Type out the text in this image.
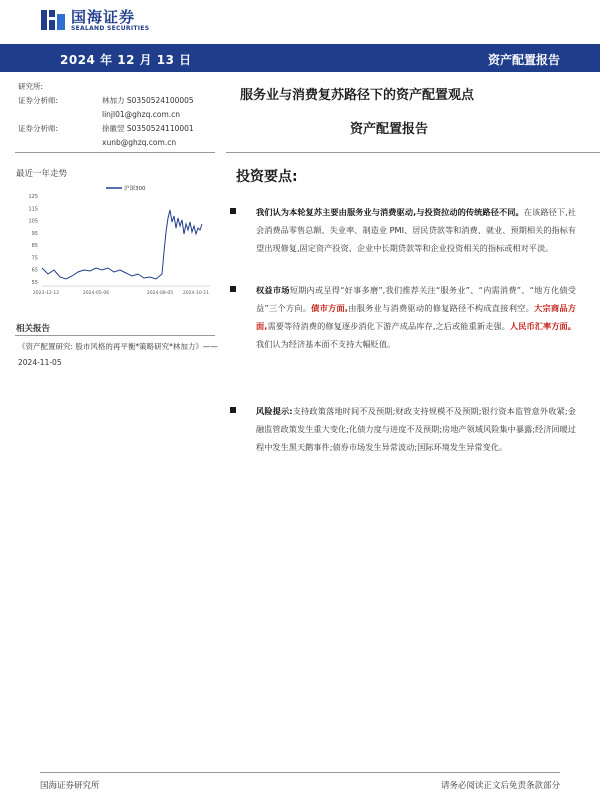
国海证券
SEALAND SECURITIES
2024 年 12 月 13 日	资产配置报告
研究所:
证券分析师:	林加力 S0350524100005
linjl01@ghzq.com.cn
证券分析师:	徐徽翌 S0350524110001
xunb@ghzq.com.cn
服务业与消费复苏路径下的资产配置观点
资产配置报告
最近一年走势
沪深300
125
115
105
95
85
75
65
55
2023-12-12	2024-05-06	2024-08-05 2024-10-11
相关报告
《资产配置研究: 股市风格的再平衡*策略研究*林加力》——2024-11-05
投资要点:
我们认为本轮复苏主要由服务业与消费驱动,与投资拉动的传统路径不同。在该路径下,社会消费品零售总额、失业率、制造业 PMI、居民贷款等和消费、就业、预期相关的指标有望出现修复,固定资产投资、企业中长期贷款等和企业投资相关的指标或相对平淡。
权益市场短期内或呈得“好事多磨”,我们推荐关注“服务业”、“内需消费”、“地方化债受益”三个方向。债市方面,由服务业与消费驱动的修复路径不构成直接利空。大宗商品方面,需要等待消费的修复逐步消化下游产成品库存,之后或能重新走强。人民币汇率方面。我们认为经济基本面不支持大幅贬值。
风险提示:支持政策落地时间不及预期;财政支持规模不及预期;银行资本监管意外收紧;金融监管政策发生重大变化;化债力度与进度不及预期;房地产领域风险集中暴露;经济回暖过程中发生黑天鹅事件;债券市场发生异常波动;国际环境发生异常变化。
国海证券研究所	请务必阅读正文后免责条款部分
